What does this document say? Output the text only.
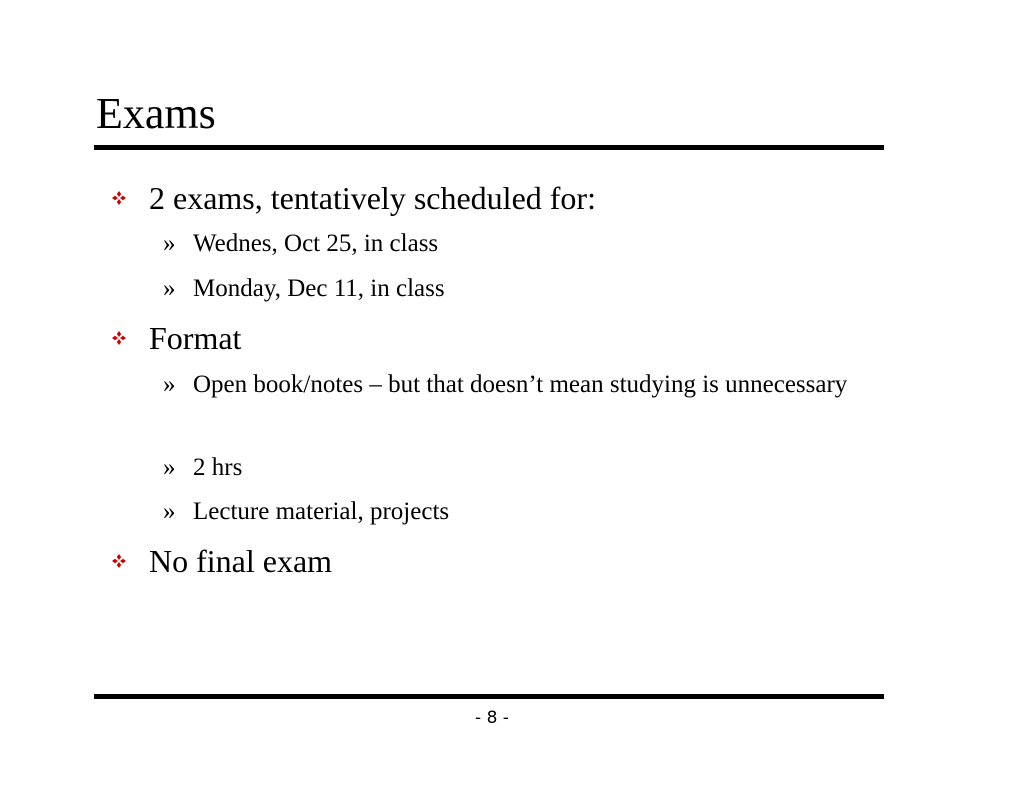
Exams
2 exams, tentatively scheduled for:
» Wednes, Oct 25, in class
» Monday, Dec 11, in class
Format
» Open book/notes – but that doesn’t mean studying is unnecessary
» 2 hrs
» Lecture material, projects
No final exam
- 8 -
